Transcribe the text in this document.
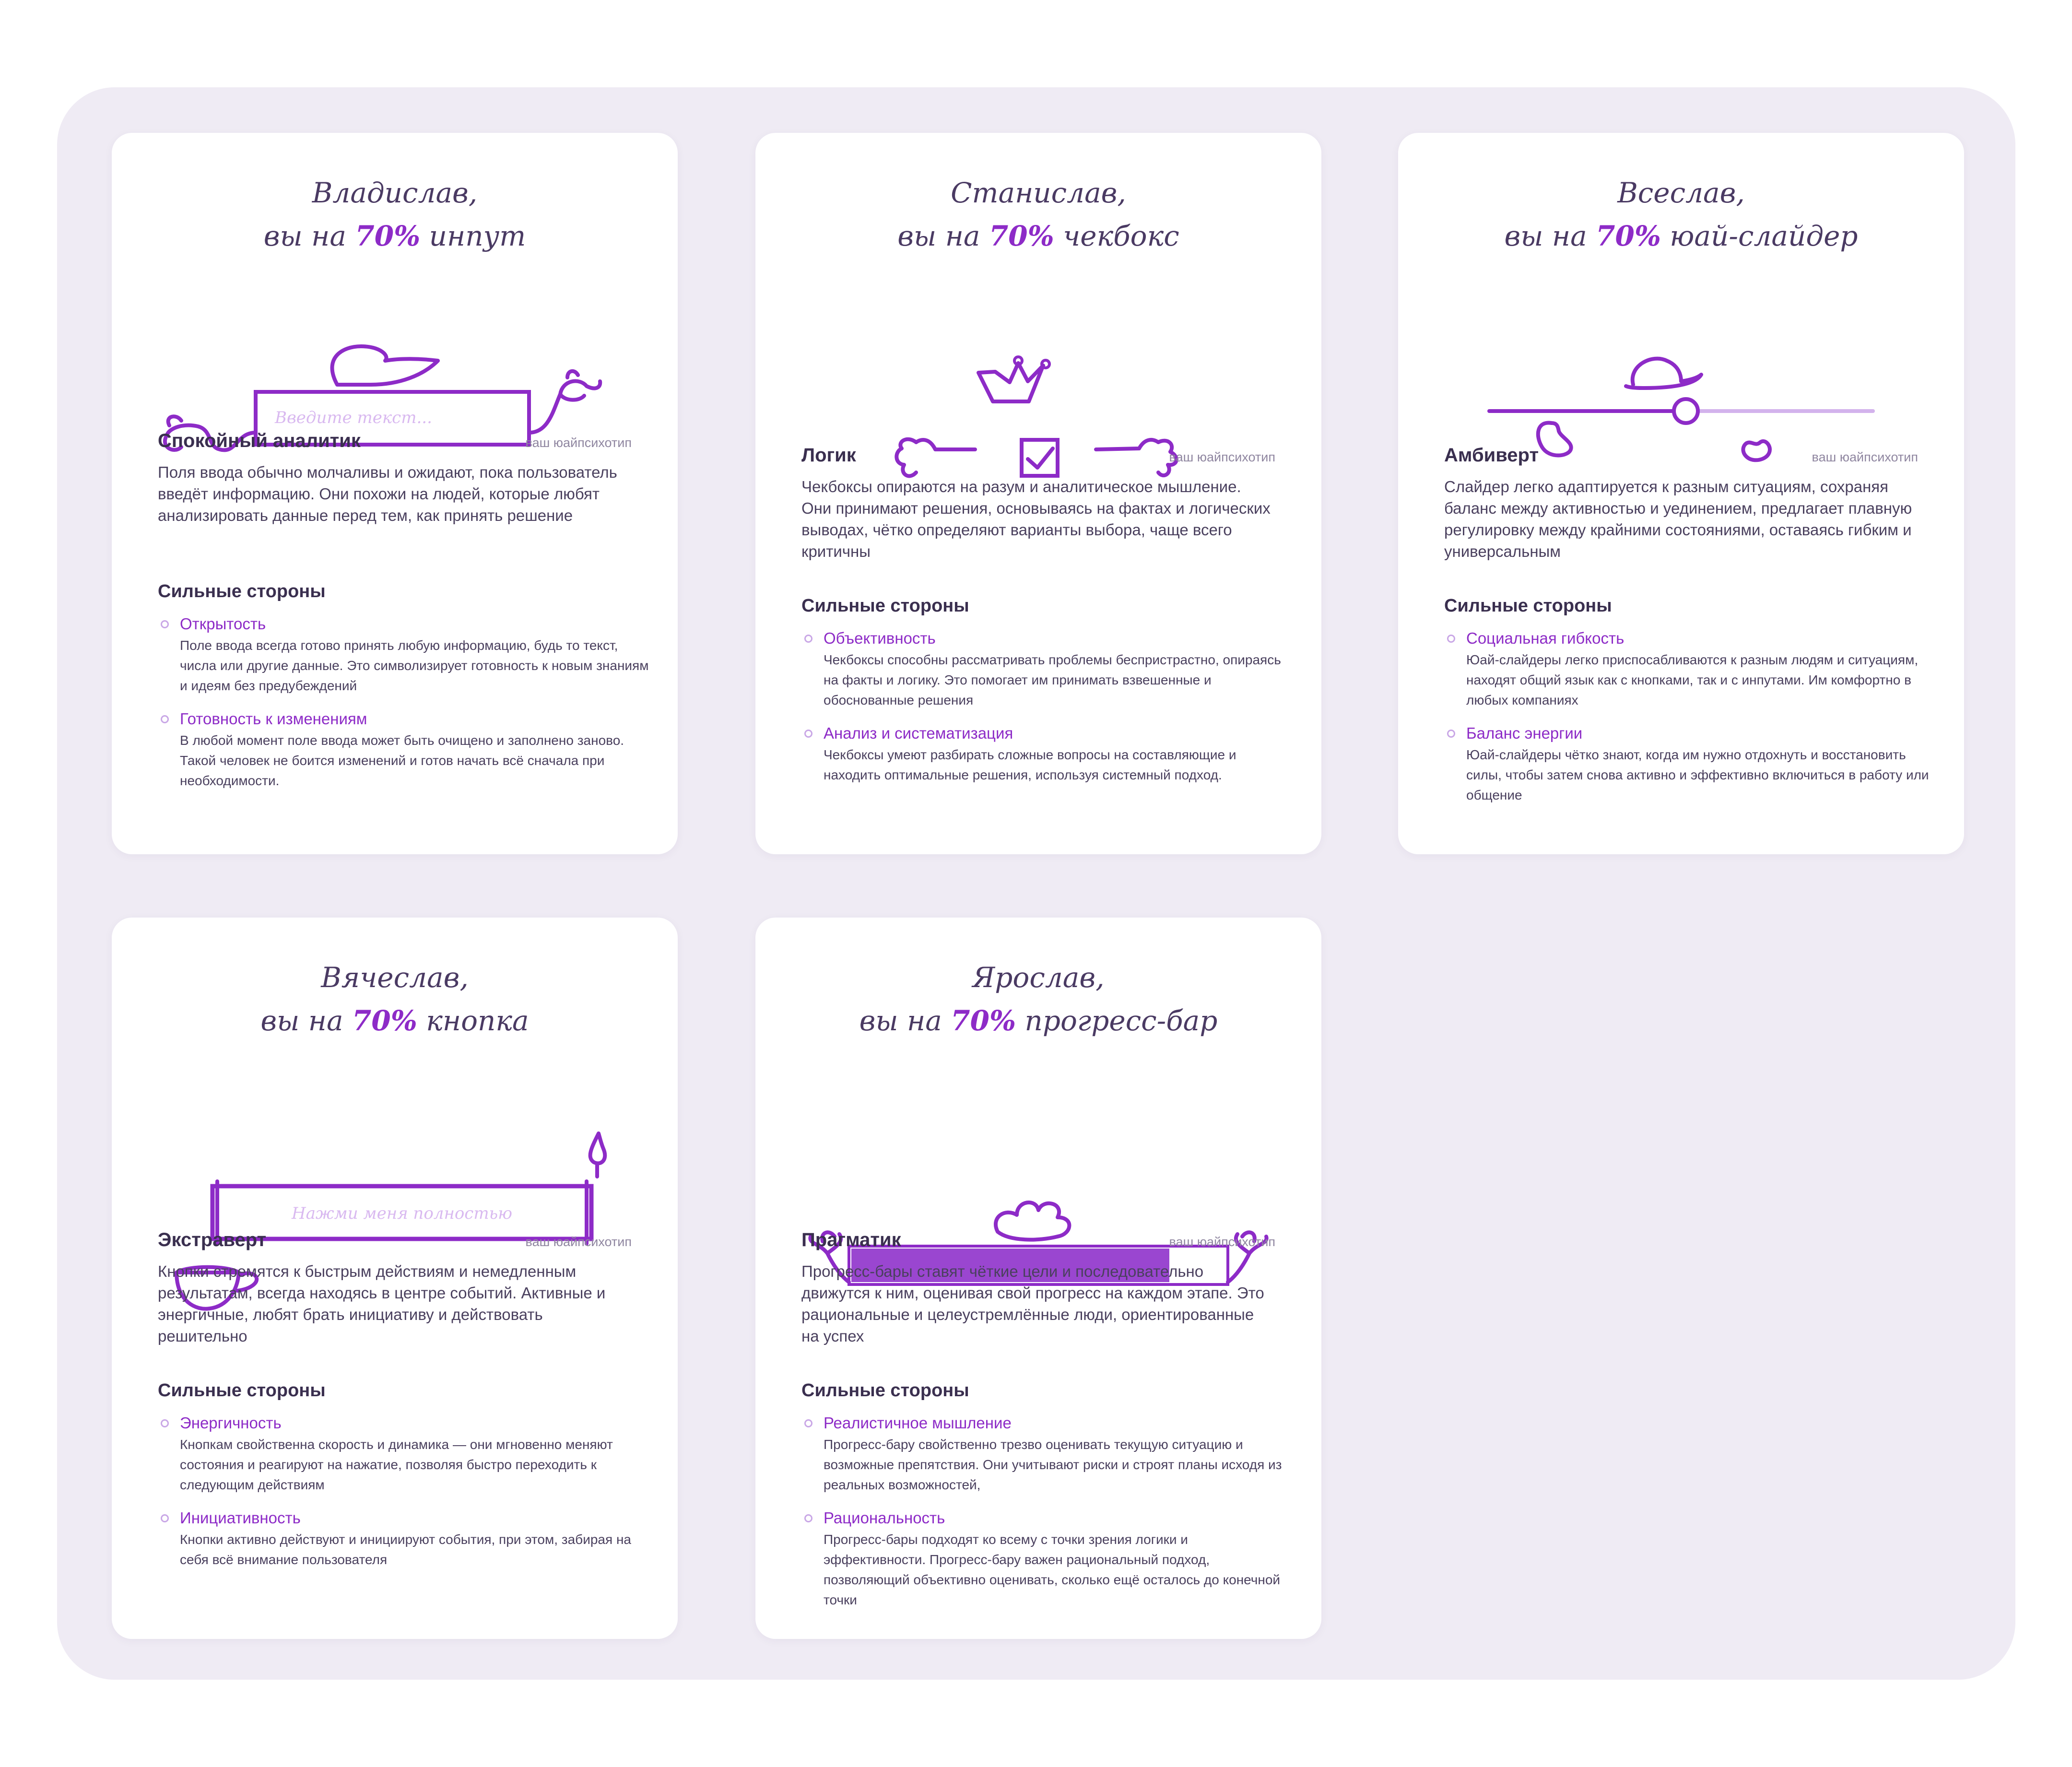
Владислав,
вы на 70% инпут
Введите текст...
Спокойный аналитик	ваш юайпсихотип
Поля ввода обычно молчаливы и ожидают, пока пользователь введёт информацию. Они похожи на людей, которые любят анализировать данные перед тем, как принять решение
Сильные стороны
Открытость
Поле ввода всегда готово принять любую информацию, будь то текст, числа или другие данные. Это символизирует готовность к новым знаниям и идеям без предубеждений
Готовность к изменениям
В любой момент поле ввода может быть очищено и заполнено заново. Такой человек не боится изменений и готов начать всё сначала при необходимости.
Станислав,
вы на 70% чекбокс
Логик	ваш юайпсихотип
Чекбоксы опираются на разум и аналитическое мышление. Они принимают решения, основываясь на фактах и логических выводах, чётко определяют варианты выбора, чаще всего критичны
Сильные стороны
Объективность
Чекбоксы способны рассматривать проблемы беспристрастно, опираясь на факты и логику. Это помогает им принимать взвешенные и обоснованные решения
Анализ и систематизация
Чекбоксы умеют разбирать сложные вопросы на составляющие и находить оптимальные решения, используя системный подход.
Всеслав,
вы на 70% юай-слайдер
Амбиверт	ваш юайпсихотип
Слайдер легко адаптируется к разным ситуациям, сохраняя баланс между активностью и уединением, предлагает плавную регулировку между крайними состояниями, оставаясь гибким и универсальным
Сильные стороны
Социальная гибкость
Юай-слайдеры легко приспосабливаются к разным людям и ситуациям, находят общий язык как с кнопками, так и с инпутами. Им комфортно в любых компаниях
Баланс энергии
Юай-слайдеры чётко знают, когда им нужно отдохнуть и восстановить силы, чтобы затем снова активно и эффективно включиться в работу или общение
Вячеслав,
вы на 70% кнопка
Нажми меня полностью
Экстраверт	ваш юайпсихотип
Кнопки стремятся к быстрым действиям и немедленным результатам, всегда находясь в центре событий. Активные и энергичные, любят брать инициативу и действовать решительно
Сильные стороны
Энергичность
Кнопкам свойственна скорость и динамика — они мгновенно меняют состояния и реагируют на нажатие, позволяя быстро переходить к следующим действиям
Инициативность
Кнопки активно действуют и инициируют события, при этом, забирая на себя всё внимание пользователя
Ярослав,
вы на 70% прогресс-бар
Прагматик	ваш юайпсихотип
Прогресс-бары ставят чёткие цели и последовательно движутся к ним, оценивая свой прогресс на каждом этапе. Это рациональные и целеустремлённые люди, ориентированные на успех
Сильные стороны
Реалистичное мышление
Прогресс-бару свойственно трезво оценивать текущую ситуацию и возможные препятствия. Они учитывают риски и строят планы исходя из реальных возможностей,
Рациональность
Прогресс-бары подходят ко всему с точки зрения логики и эффективности. Прогресс-бару важен рациональный подход, позволяющий объективно оценивать, сколько ещё осталось до конечной точки
